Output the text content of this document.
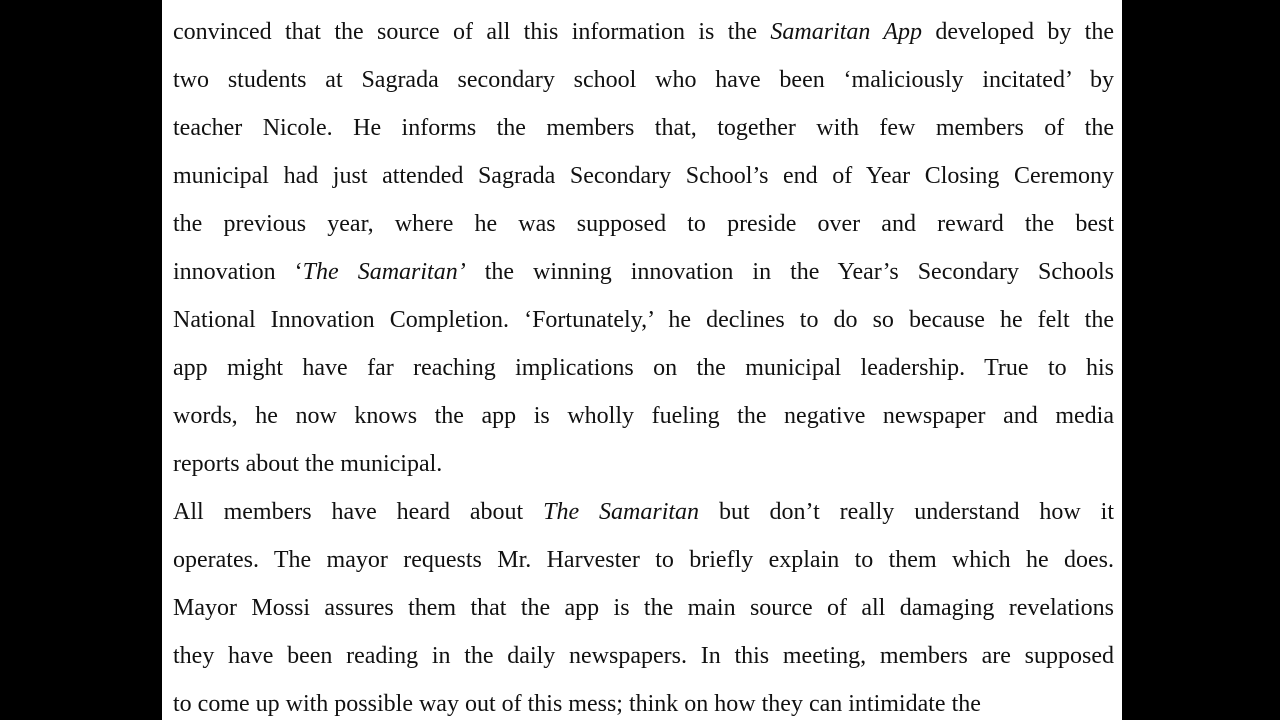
convinced that the source of all this information is the Samaritan App developed by the
two students at Sagrada secondary school who have been ‘maliciously incitated’ by
teacher Nicole. He informs the members that, together with few members of the
municipal had just attended Sagrada Secondary School’s end of Year Closing Ceremony
the previous year, where he was supposed to preside over and reward the best
innovation ‘The Samaritan’ the winning innovation in the Year’s Secondary Schools
National Innovation Completion. ‘Fortunately,’ he declines to do so because he felt the
app might have far reaching implications on the municipal leadership. True to his
words, he now knows the app is wholly fueling the negative newspaper and media
reports about the municipal.
All members have heard about The Samaritan but don’t really understand how it
operates. The mayor requests Mr. Harvester to briefly explain to them which he does.
Mayor Mossi assures them that the app is the main source of all damaging revelations
they have been reading in the daily newspapers. In this meeting, members are supposed
to come up with possible way out of this mess; think on how they can intimidate the
